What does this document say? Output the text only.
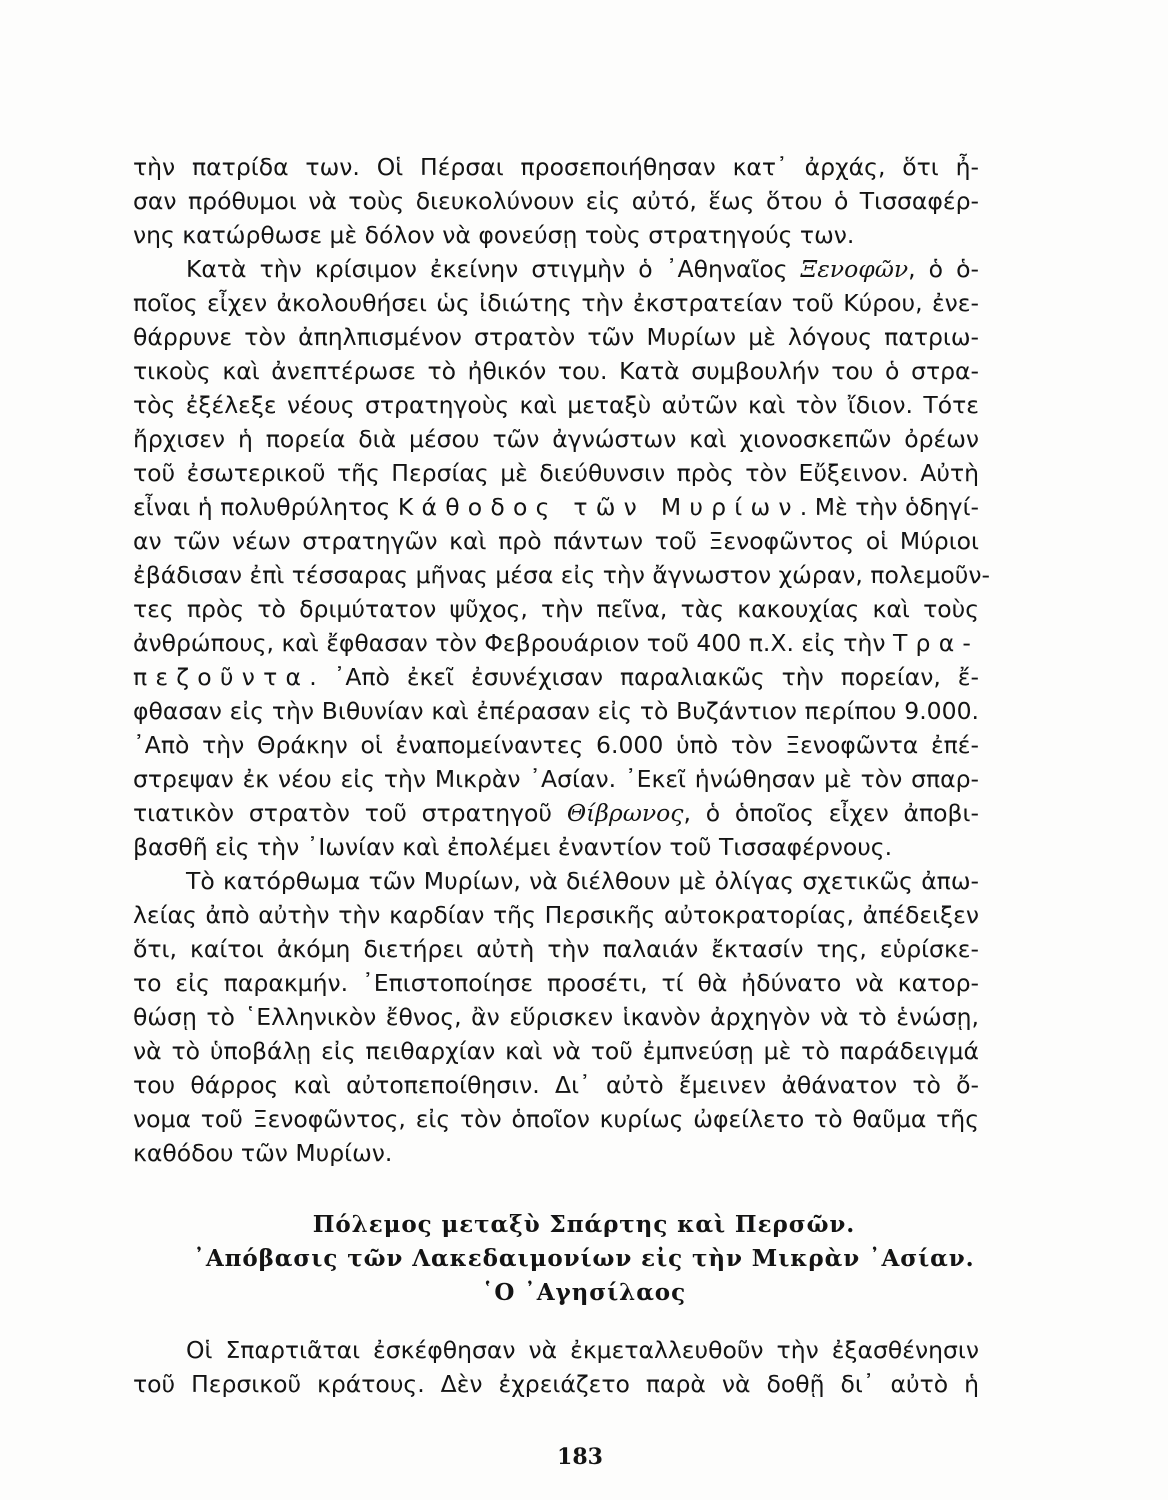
τὴν πατρίδα των. Οἱ Πέρσαι προσεποιήθησαν κατ᾽ ἀρχάς, ὅτι ἦ-
σαν πρόθυμοι νὰ τοὺς διευκολύνουν εἰς αὐτό, ἕως ὅτου ὁ Τισσαφέρ-
νης κατώρθωσε μὲ δόλον νὰ φονεύσῃ τοὺς στρατηγούς των.
Κατὰ τὴν κρίσιμον ἐκείνην στιγμὴν ὁ ᾽Αθηναῖος Ξενοφῶν, ὁ ὁ-
ποῖος εἶχεν ἀκολουθήσει ὡς ἰδιώτης τὴν ἐκστρατείαν τοῦ Κύρου, ἐνε-
θάρρυνε τὸν ἀπηλπισμένον στρατὸν τῶν Μυρίων μὲ λόγους πατριω-
τικοὺς καὶ ἀνεπτέρωσε τὸ ἠθικόν του. Κατὰ συμβουλήν του ὁ στρα-
τὸς ἐξέλεξε νέους στρατηγοὺς καὶ μεταξὺ αὐτῶν καὶ τὸν ἴδιον. Τότε
ἤρχισεν ἡ πορεία διὰ μέσου τῶν ἀγνώστων καὶ χιονοσκεπῶν ὀρέων
τοῦ ἐσωτερικοῦ τῆς Περσίας μὲ διεύθυνσιν πρὸς τὸν Εὔξεινον. Αὐτὴ
εἶναι ἡ πολυθρύλητος Κάθοδος τῶν Μυρίων. Μὲ τὴν ὁδηγί-
αν τῶν νέων στρατηγῶν καὶ πρὸ πάντων τοῦ Ξενοφῶντος οἱ Μύριοι
ἐβάδισαν ἐπὶ τέσσαρας μῆνας μέσα εἰς τὴν ἄγνωστον χώραν, πολεμοῦν-
τες πρὸς τὸ δριμύτατον ψῦχος, τὴν πεῖνα, τὰς κακουχίας καὶ τοὺς
ἀνθρώπους, καὶ ἔφθασαν τὸν Φεβρουάριον τοῦ 400 π.Χ. εἰς τὴν Τρα-
πεζοῦντα. ᾽Απὸ ἐκεῖ ἐσυνέχισαν παραλιακῶς τὴν πορείαν, ἔ-
φθασαν εἰς τὴν Βιθυνίαν καὶ ἐπέρασαν εἰς τὸ Βυζάντιον περίπου 9.000.
᾽Απὸ τὴν Θράκην οἱ ἐναπομείναντες 6.000 ὑπὸ τὸν Ξενοφῶντα ἐπέ-
στρεψαν ἐκ νέου εἰς τὴν Μικρὰν ᾽Ασίαν. ᾽Εκεῖ ἡνώθησαν μὲ τὸν σπαρ-
τιατικὸν στρατὸν τοῦ στρατηγοῦ Θίβρωνος, ὁ ὁποῖος εἶχεν ἀποβι-
βασθῆ εἰς τὴν ᾽Ιωνίαν καὶ ἐπολέμει ἐναντίον τοῦ Τισσαφέρνους.
Τὸ κατόρθωμα τῶν Μυρίων, νὰ διέλθουν μὲ ὀλίγας σχετικῶς ἀπω-
λείας ἀπὸ αὐτὴν τὴν καρδίαν τῆς Περσικῆς αὐτοκρατορίας, ἀπέδειξεν
ὅτι, καίτοι ἀκόμη διετήρει αὐτὴ τὴν παλαιάν ἔκτασίν της, εὑρίσκε-
το εἰς παρακμήν. ᾽Επιστοποίησε προσέτι, τί θὰ ἠδύνατο νὰ κατορ-
θώσῃ τὸ ῾Ελληνικὸν ἔθνος, ἂν εὕρισκεν ἱκανὸν ἀρχηγὸν νὰ τὸ ἑνώσῃ,
νὰ τὸ ὑποβάλῃ εἰς πειθαρχίαν καὶ νὰ τοῦ ἐμπνεύσῃ μὲ τὸ παράδειγμά
του θάρρος καὶ αὐτοπεποίθησιν. Δι᾽ αὐτὸ ἔμεινεν ἀθάνατον τὸ ὄ-
νομα τοῦ Ξενοφῶντος, εἰς τὸν ὁποῖον κυρίως ὠφείλετο τὸ θαῦμα τῆς
καθόδου τῶν Μυρίων.
Πόλεμος μεταξὺ Σπάρτης καὶ Περσῶν.
᾽Απόβασις τῶν Λακεδαιμονίων εἰς τὴν Μικρὰν ᾽Ασίαν.
῾Ο ᾽Αγησίλαος
Οἱ Σπαρτιᾶται ἐσκέφθησαν νὰ ἐκμεταλλευθοῦν τὴν ἐξασθένησιν
τοῦ Περσικοῦ κράτους. Δὲν ἐχρειάζετο παρὰ νὰ δοθῇ δι᾽ αὐτὸ ἡ
183
